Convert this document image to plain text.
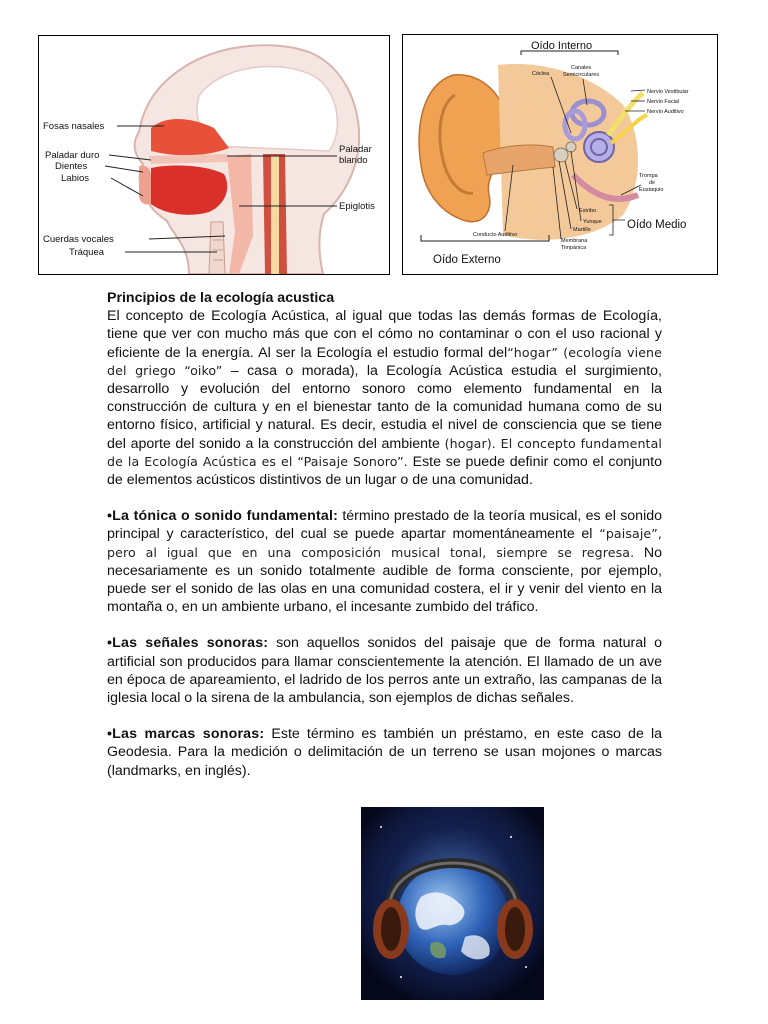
Fosas nasales
Paladar duro
Dientes
Labios
Paladar
blando
Epiglotis
Cuerdas vocales
Tráquea
Oído Interno
Cóclea
Canales
Semicirculares
Nervio Vestibular
Nervio Facial
Nervio Auditivo
Trompa
de
Eustaquio
Estribo
Yunque
Martillo
Conducto Auditivo
Membrana
Timpánica
Oído Medio
Oído Externo

Principios de la ecología acustica

El concepto de Ecología Acústica, al igual que todas las demás formas de Ecología, tiene que ver con mucho más que con el cómo no contaminar o con el uso racional y eficiente de la energía. Al ser la Ecología el estudio formal del“hogar” (ecología viene del griego “oiko” – casa o morada), la Ecología Acústica estudia el surgimiento, desarrollo y evolución del entorno sonoro como elemento fundamental en la construcción de cultura y en el bienestar tanto de la comunidad humana como de su entorno físico, artificial y natural. Es decir, estudia el nivel de consciencia que se tiene del aporte del sonido a la construcción del ambiente (hogar). El concepto fundamental de la Ecología Acústica es el “Paisaje Sonoro”. Este se puede definir como el conjunto de elementos acústicos distintivos de un lugar o de una comunidad.

•La tónica o sonido fundamental: término prestado de la teoría musical, es el sonido principal y característico, del cual se puede apartar momentáneamente el “paisaje”, pero al igual que en una composición musical tonal, siempre se regresa. No necesariamente es un sonido totalmente audible de forma consciente, por ejemplo, puede ser el sonido de las olas en una comunidad costera, el ir y venir del viento en la montaña o, en un ambiente urbano, el incesante zumbido del tráfico.

•Las señales sonoras: son aquellos sonidos del paisaje que de forma natural o artificial son producidos para llamar conscientemente la atención. El llamado de un ave en época de apareamiento, el ladrido de los perros ante un extraño, las campanas de la iglesia local o la sirena de la ambulancia, son ejemplos de dichas señales.

•Las marcas sonoras: Este término es también un préstamo, en este caso de la Geodesia. Para la medición o delimitación de un terreno se usan mojones o marcas (landmarks, en inglés).
